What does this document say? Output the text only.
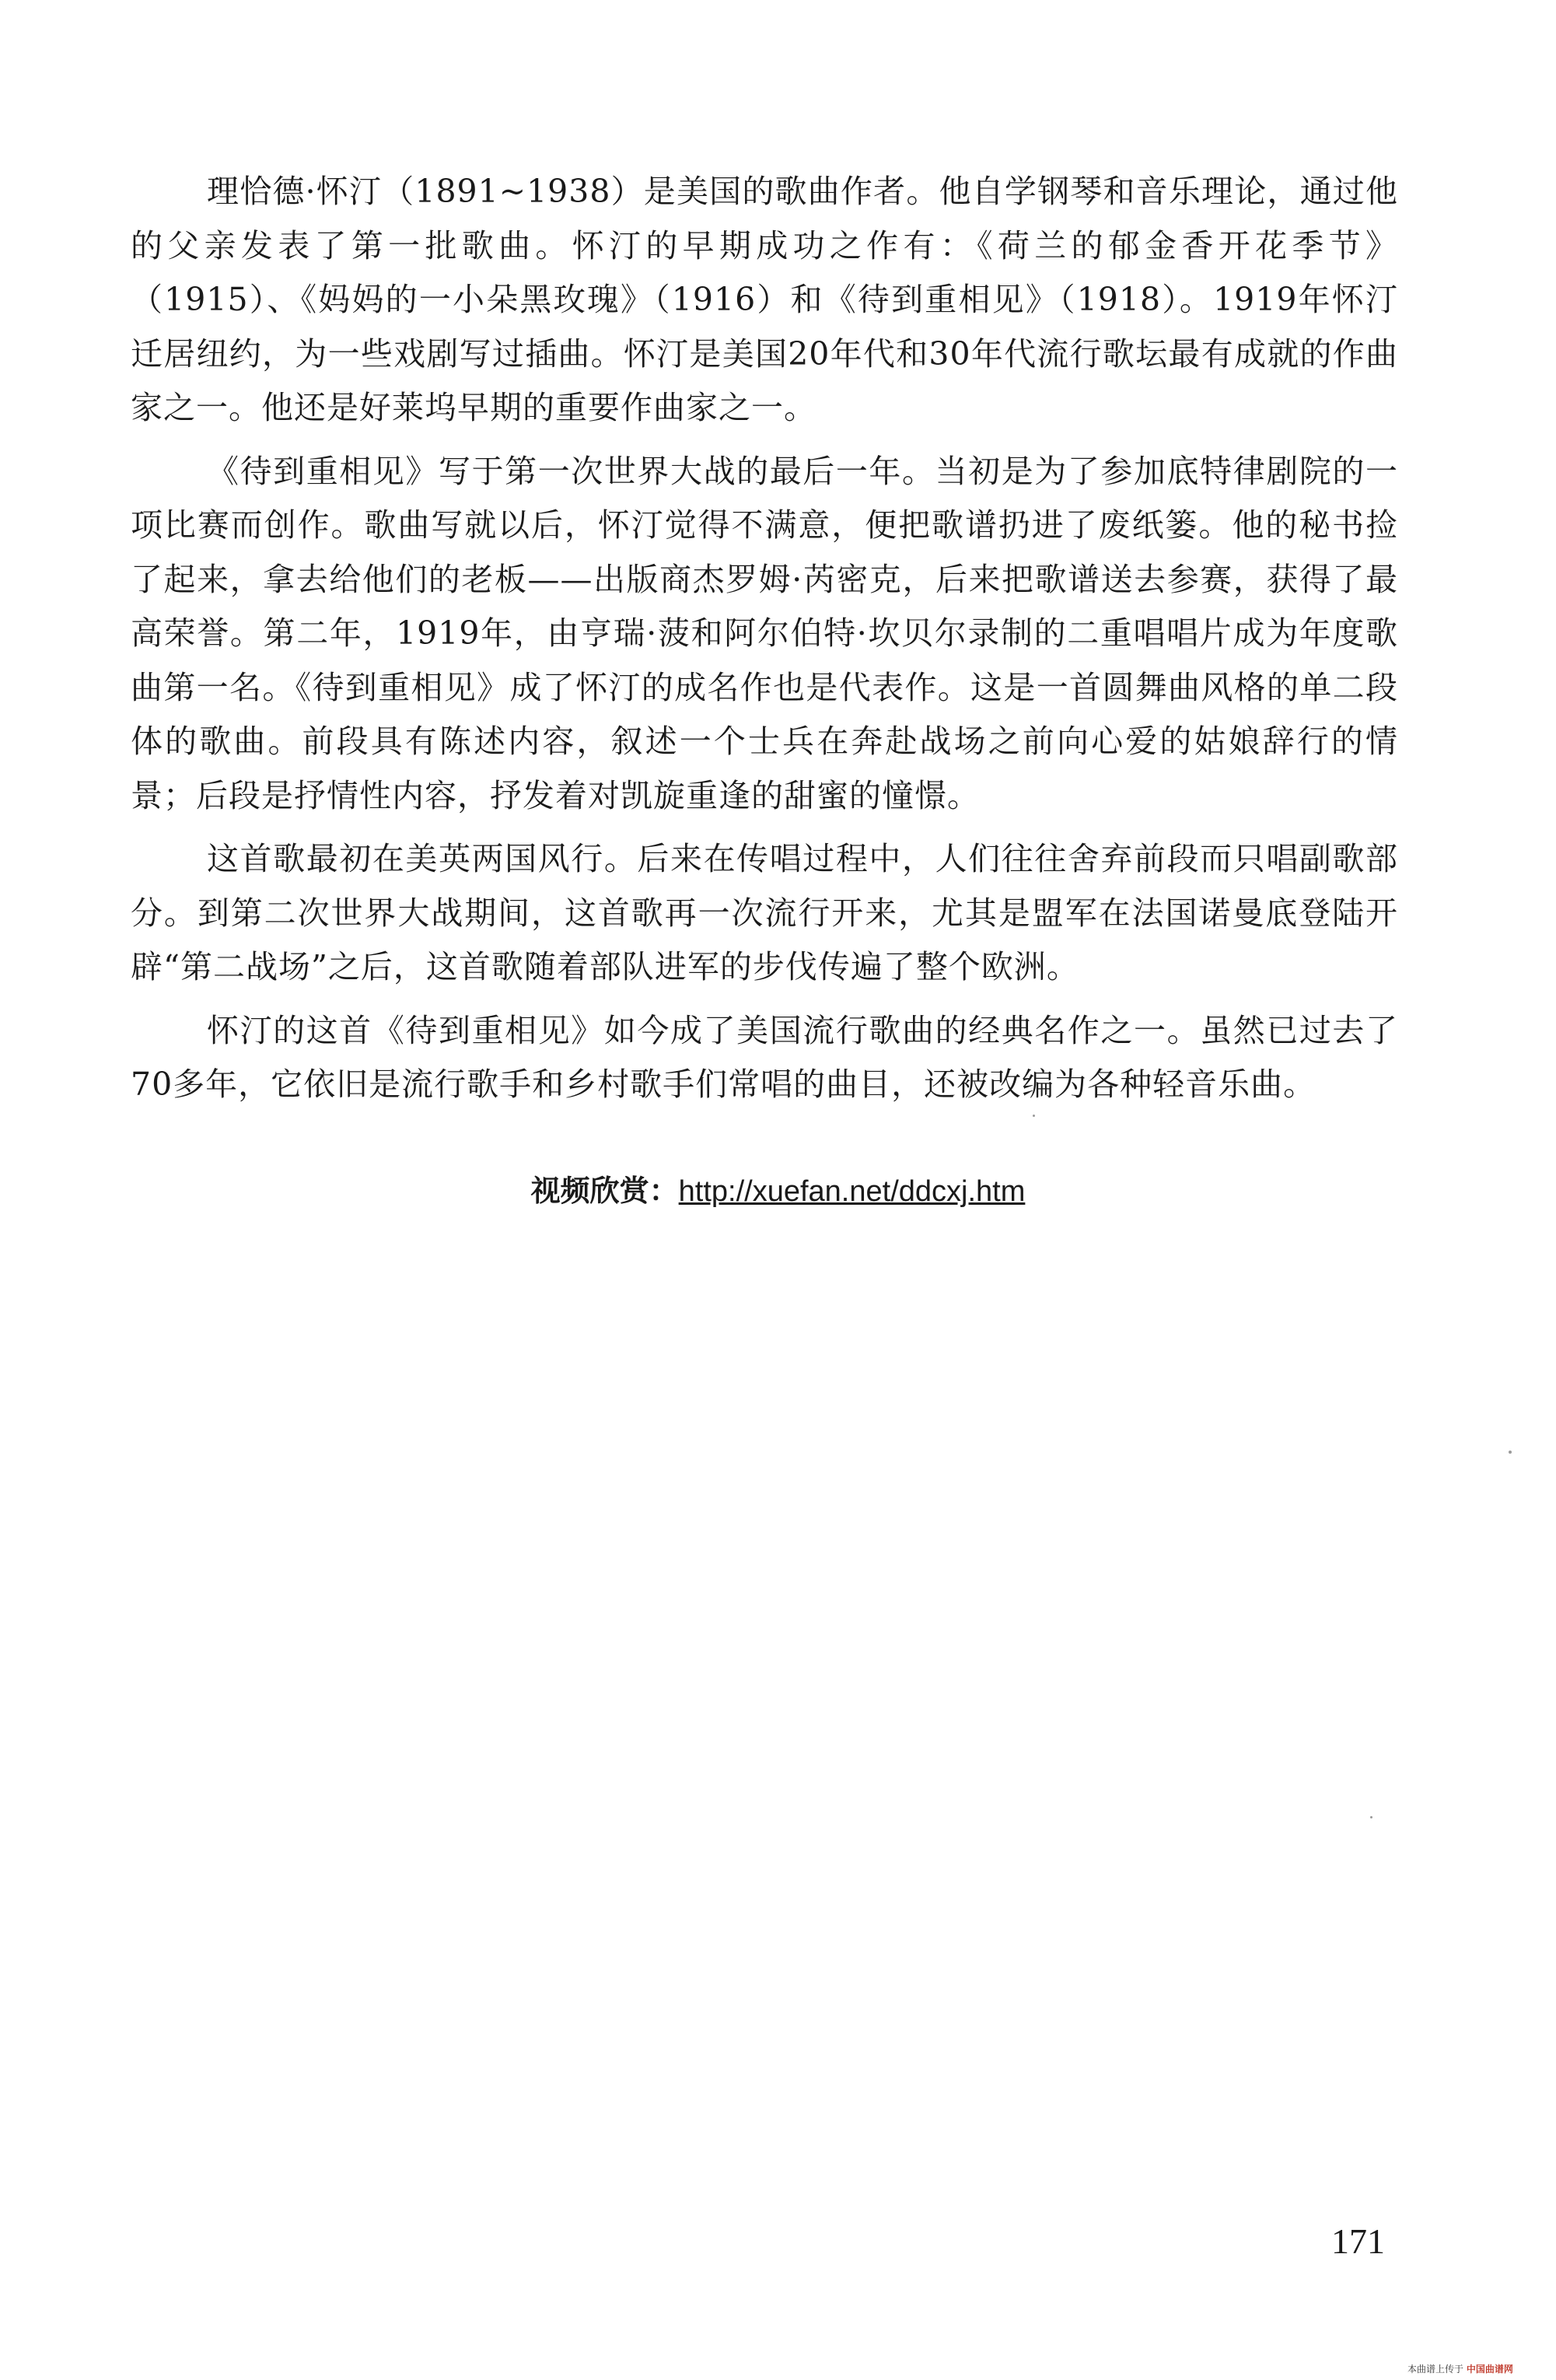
理恰德·怀汀（1891~1938）是美国的歌曲作者。他自学钢琴和音乐理论，通过他的父亲发表了第一批歌曲。怀汀的早期成功之作有：《荷兰的郁金香开花季节》（1915）、《妈妈的一小朵黑玫瑰》（1916）和《待到重相见》（1918）。1919年怀汀迁居纽约，为一些戏剧写过插曲。怀汀是美国20年代和30年代流行歌坛最有成就的作曲家之一。他还是好莱坞早期的重要作曲家之一。

《待到重相见》写于第一次世界大战的最后一年。当初是为了参加底特律剧院的一项比赛而创作。歌曲写就以后，怀汀觉得不满意，便把歌谱扔进了废纸篓。他的秘书捡了起来，拿去给他们的老板——出版商杰罗姆·芮密克，后来把歌谱送去参赛，获得了最高荣誉。第二年，1919年，由亨瑞·菠和阿尔伯特·坎贝尔录制的二重唱唱片成为年度歌曲第一名。《待到重相见》成了怀汀的成名作也是代表作。这是一首圆舞曲风格的单二段体的歌曲。前段具有陈述内容，叙述一个士兵在奔赴战场之前向心爱的姑娘辞行的情景；后段是抒情性内容，抒发着对凯旋重逢的甜蜜的憧憬。

这首歌最初在美英两国风行。后来在传唱过程中，人们往往舍弃前段而只唱副歌部分。到第二次世界大战期间，这首歌再一次流行开来，尤其是盟军在法国诺曼底登陆开辟“第二战场”之后，这首歌随着部队进军的步伐传遍了整个欧洲。

怀汀的这首《待到重相见》如今成了美国流行歌曲的经典名作之一。虽然已过去了70多年，它依旧是流行歌手和乡村歌手们常唱的曲目，还被改编为各种轻音乐曲。

视频欣赏：http://xuefan.net/ddcxj.htm
171
本曲谱上传于 中国曲谱网
